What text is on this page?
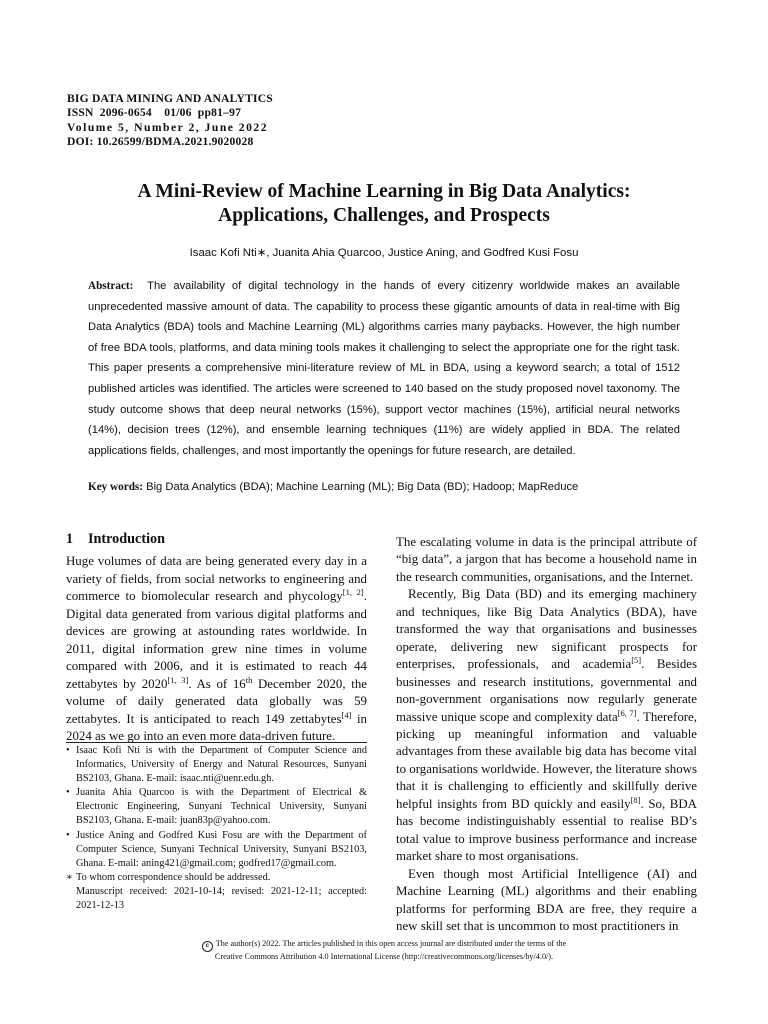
BIG DATA MINING AND ANALYTICS
ISSN  2096-0654    01/06  pp81–97
Volume 5, Number 2, June 2022
DOI: 10.26599/BDMA.2021.9020028
A Mini-Review of Machine Learning in Big Data Analytics:
Applications, Challenges, and Prospects
Isaac Kofi Nti∗, Juanita Ahia Quarcoo, Justice Aning, and Godfred Kusi Fosu
Abstract: The availability of digital technology in the hands of every citizenry worldwide makes an available unprecedented massive amount of data. The capability to process these gigantic amounts of data in real-time with Big Data Analytics (BDA) tools and Machine Learning (ML) algorithms carries many paybacks. However, the high number of free BDA tools, platforms, and data mining tools makes it challenging to select the appropriate one for the right task. This paper presents a comprehensive mini-literature review of ML in BDA, using a keyword search; a total of 1512 published articles was identified. The articles were screened to 140 based on the study proposed novel taxonomy. The study outcome shows that deep neural networks (15%), support vector machines (15%), artificial neural networks (14%), decision trees (12%), and ensemble learning techniques (11%) are widely applied in BDA. The related applications fields, challenges, and most importantly the openings for future research, are detailed.
Key words: Big Data Analytics (BDA); Machine Learning (ML); Big Data (BD); Hadoop; MapReduce
1 Introduction

Huge volumes of data are being generated every day in a variety of fields, from social networks to engineering and commerce to biomolecular research and phycology[1, 2]. Digital data generated from various digital platforms and devices are growing at astounding rates worldwide. In 2011, digital information grew nine times in volume compared with 2006, and it is estimated to reach 44 zettabytes by 2020[1, 3]. As of 16th December 2020, the volume of daily generated data globally was 59 zettabytes. It is anticipated to reach 149 zettabytes[4] in 2024 as we go into an even more data-driven future.

• Isaac Kofi Nti is with the Department of Computer Science and Informatics, University of Energy and Natural Resources, Sunyani BS2103, Ghana. E-mail: isaac.nti@uenr.edu.gh.
• Juanita Ahia Quarcoo is with the Department of Electrical & Electronic Engineering, Sunyani Technical University, Sunyani BS2103, Ghana. E-mail: juan83p@yahoo.com.
• Justice Aning and Godfred Kusi Fosu are with the Department of Computer Science, Sunyani Technical University, Sunyani BS2103, Ghana. E-mail: aning421@gmail.com; godfred17@gmail.com.
∗ To whom correspondence should be addressed.
Manuscript received: 2021-10-14; revised: 2021-12-11; accepted: 2021-12-13

The escalating volume in data is the principal attribute of “big data”, a jargon that has become a household name in the research communities, organisations, and the Internet.

Recently, Big Data (BD) and its emerging machinery and techniques, like Big Data Analytics (BDA), have transformed the way that organisations and businesses operate, delivering new significant prospects for enterprises, professionals, and academia[5]. Besides businesses and research institutions, governmental and non-government organisations now regularly generate massive unique scope and complexity data[6, 7]. Therefore, picking up meaningful information and valuable advantages from these available big data has become vital to organisations worldwide. However, the literature shows that it is challenging to efficiently and skillfully derive helpful insights from BD quickly and easily[8]. So, BDA has become indistinguishably essential to realise BD’s total value to improve business performance and increase market share to most organisations.

Even though most Artificial Intelligence (AI) and Machine Learning (ML) algorithms and their enabling platforms for performing BDA are free, they require a new skill set that is uncommon to most practitioners in

c The author(s) 2022. The articles published in this open access journal are distributed under the terms of the
Creative Commons Attribution 4.0 International License (http://creativecommons.org/licenses/by/4.0/).
